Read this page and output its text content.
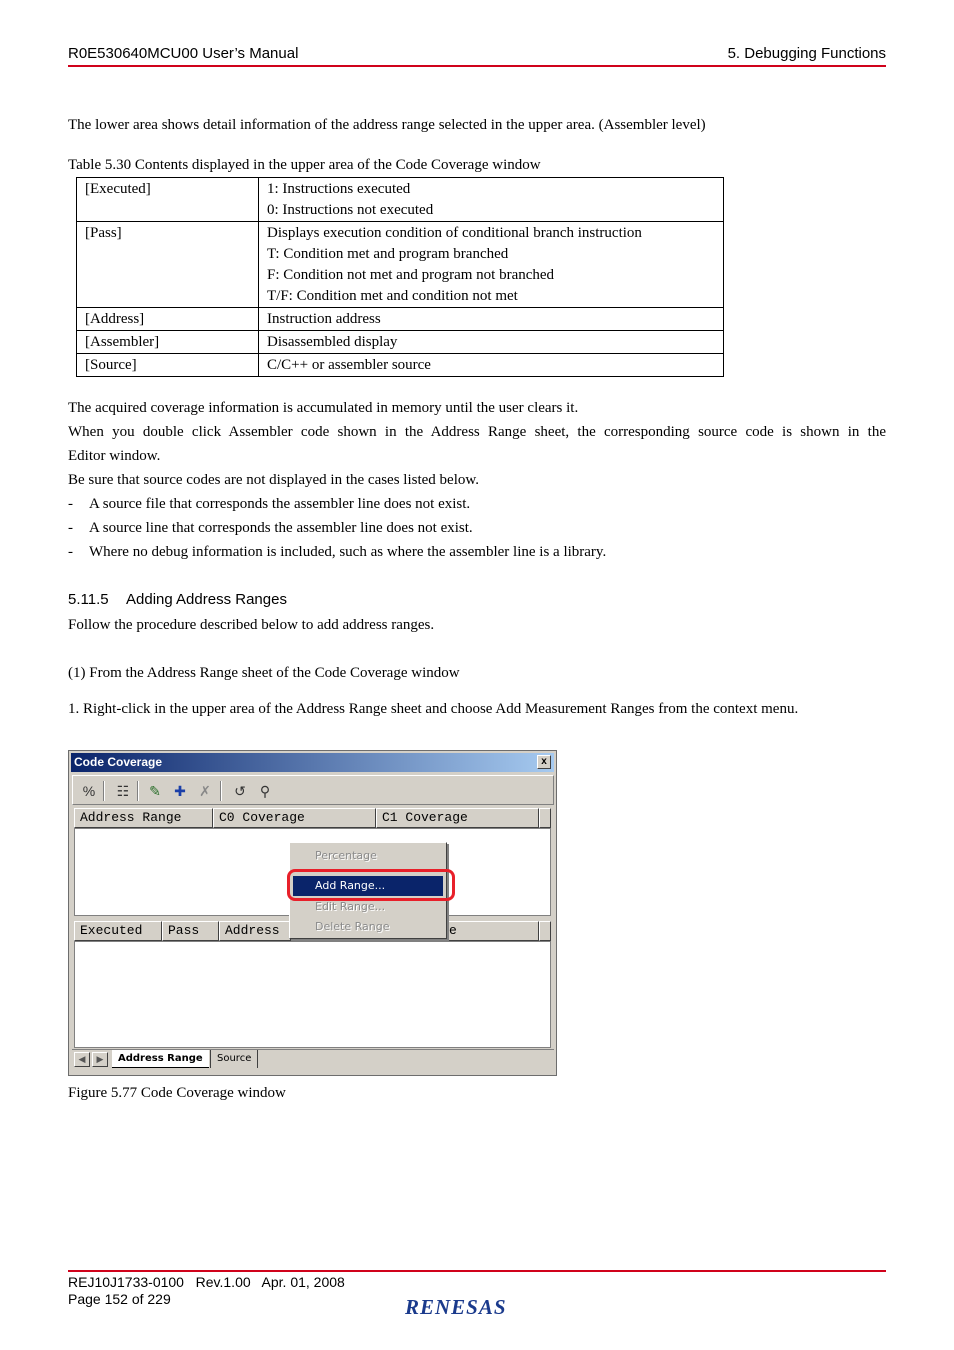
R0E530640MCU00 User’s Manual	5. Debugging Functions
The lower area shows detail information of the address range selected in the upper area. (Assembler level)
Table 5.30 Contents displayed in the upper area of the Code Coverage window
[Executed]	1: Instructions executed
0: Instructions not executed

[Pass]	Displays execution condition of conditional branch instruction
T: Condition met and program branched
F: Condition not met and program not branched
T/F: Condition met and condition not met

[Address]	Instruction address
[Assembler]	Disassembled display
[Source]	C/C++ or assembler source
The acquired coverage information is accumulated in memory until the user clears it.
When you double click Assembler code shown in the Address Range sheet, the corresponding source code is shown in the
Editor window.
Be sure that source codes are not displayed in the cases listed below.
- A source file that corresponds the assembler line does not exist.
- A source line that corresponds the assembler line does not exist.
- Where no debug information is included, such as where the assembler line is a library.
5.11.5 Adding Address Ranges
Follow the procedure described below to add address ranges.
(1) From the Address Range sheet of the Code Coverage window
1. Right-click in the upper area of the Address Range sheet and choose Add Measurement Ranges from the context menu.
Code Coverage	x
% ☷ ✎ ✚ ✗ ↺	⚲
Address Range	C0 Coverage	C1 Coverage
Executed	Pass	Address	e
◀	▶	Address Range	Source
Percentage
Add Range...
Edit Range...
Delete Range
Figure 5.77 Code Coverage window
REJ10J1733-0100   Rev.1.00   Apr. 01, 2008
Page 152 of 229	RENESAS
